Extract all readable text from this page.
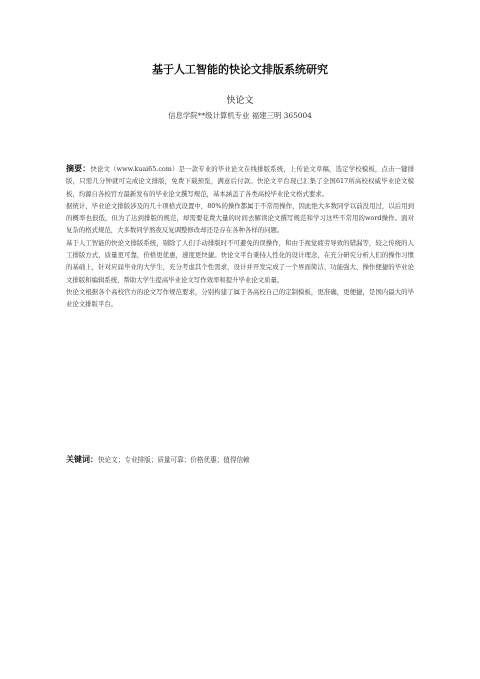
基于人工智能的快论文排版系统研究
快论文
信息学院**级计算机专业 福建三明 365004

摘要：快论文（www.kuai65.com）是一款专业的毕业论文在线排版系统，上传论文草稿，选定学校模板，点击一键排版，只需几分钟就可完成论文排版，免费下载预览，满意后付款。快论文平台现已汇集了全国617所高校权威毕业论文模板，均源自各校官方最新发布的毕业论文撰写规范，基本涵盖了各类高校毕业论文格式要求。

据统计，毕业论文排版涉及的几十项格式设置中，80%的操作都属于不常用操作，因此绝大多数同学以前没用过，以后用到的概率也很低，但为了达到排版的规范，却需要花费大量的时间去解读论文撰写规范和学习这些不常用的word操作。面对复杂的格式规范，大多数同学熬夜反复调整修改却还是存在各种各样的问题。

基于人工智能的快论文排版系统，剔除了人们手动排版时不可避免的误操作，和由于视觉疲劳导致的错漏等，较之传统的人工排版方式，质量更可靠，价格更优惠，速度更快捷。快论文平台秉持人性化的设计理念，在充分研究分析人们的操作习惯的基础上，针对应届毕业的大学生，充分考虑其个性需求，设计并开发完成了一个界面简洁、功能强大、操作便捷的毕业论文排版和编辑系统，帮助大学生提高毕业论文写作效率和提升毕业论文质量。

快论文根据各个高校官方的论文写作规范要求，分别构建了属于各高校自己的定制模板，更准确，更便捷，是国内最大的毕业论文排版平台。

关键词：快论文；专业排版；质量可靠；价格优惠；值得信赖
